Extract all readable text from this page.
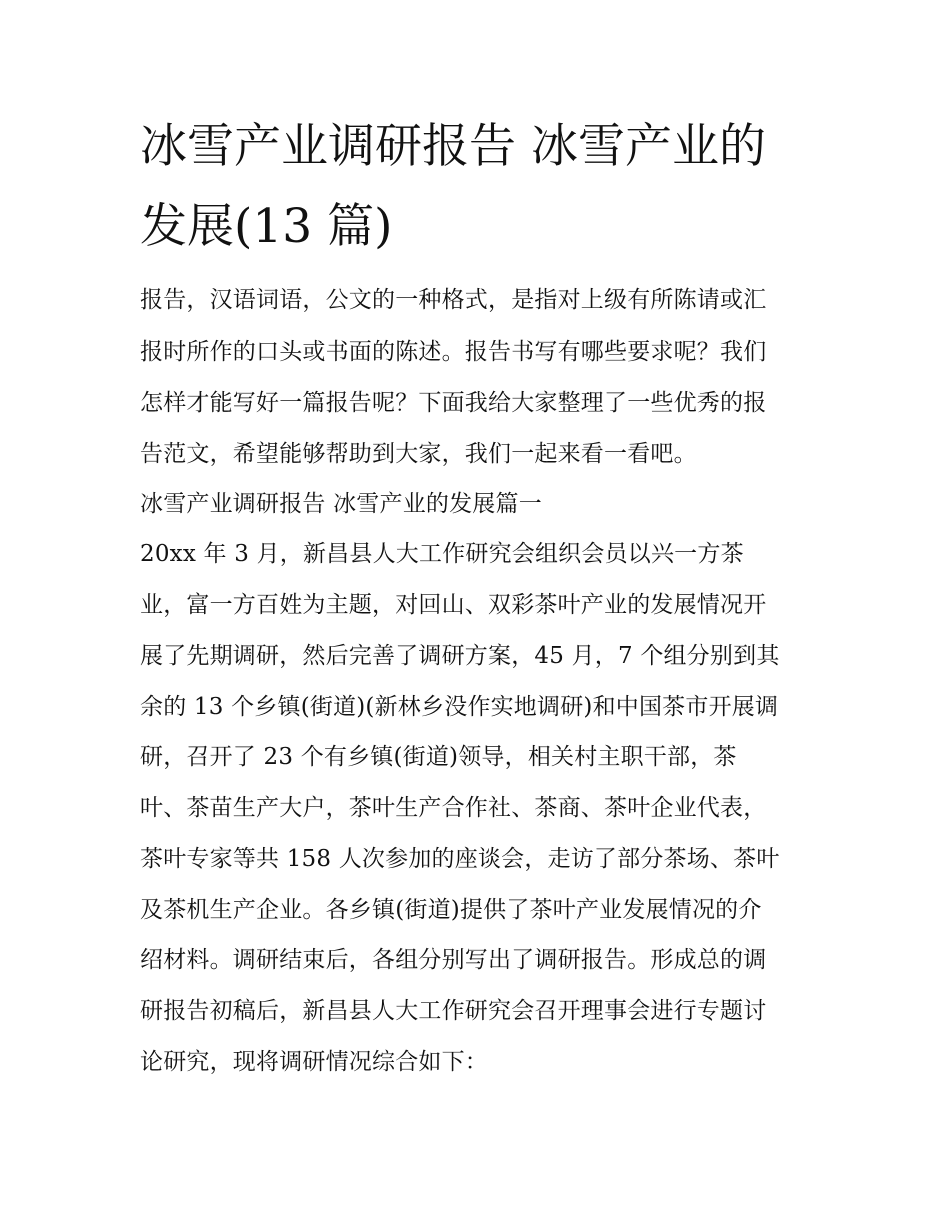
冰雪产业调研报告 冰雪产业的
发展(13 篇)
报告，汉语词语，公文的一种格式，是指对上级有所陈请或汇
报时所作的口头或书面的陈述。报告书写有哪些要求呢？我们
怎样才能写好一篇报告呢？下面我给大家整理了一些优秀的报
告范文，希望能够帮助到大家，我们一起来看一看吧。
冰雪产业调研报告 冰雪产业的发展篇一
20xx 年 3 月，新昌县人大工作研究会组织会员以兴一方茶
业，富一方百姓为主题，对回山、双彩茶叶产业的发展情况开
展了先期调研，然后完善了调研方案，45 月，7 个组分别到其
余的 13 个乡镇(街道)(新林乡没作实地调研)和中国茶市开展调
研，召开了 23 个有乡镇(街道)领导，相关村主职干部，茶
叶、茶苗生产大户，茶叶生产合作社、茶商、茶叶企业代表，
茶叶专家等共 158 人次参加的座谈会，走访了部分茶场、茶叶
及茶机生产企业。各乡镇(街道)提供了茶叶产业发展情况的介
绍材料。调研结束后，各组分别写出了调研报告。形成总的调
研报告初稿后，新昌县人大工作研究会召开理事会进行专题讨
论研究，现将调研情况综合如下：
